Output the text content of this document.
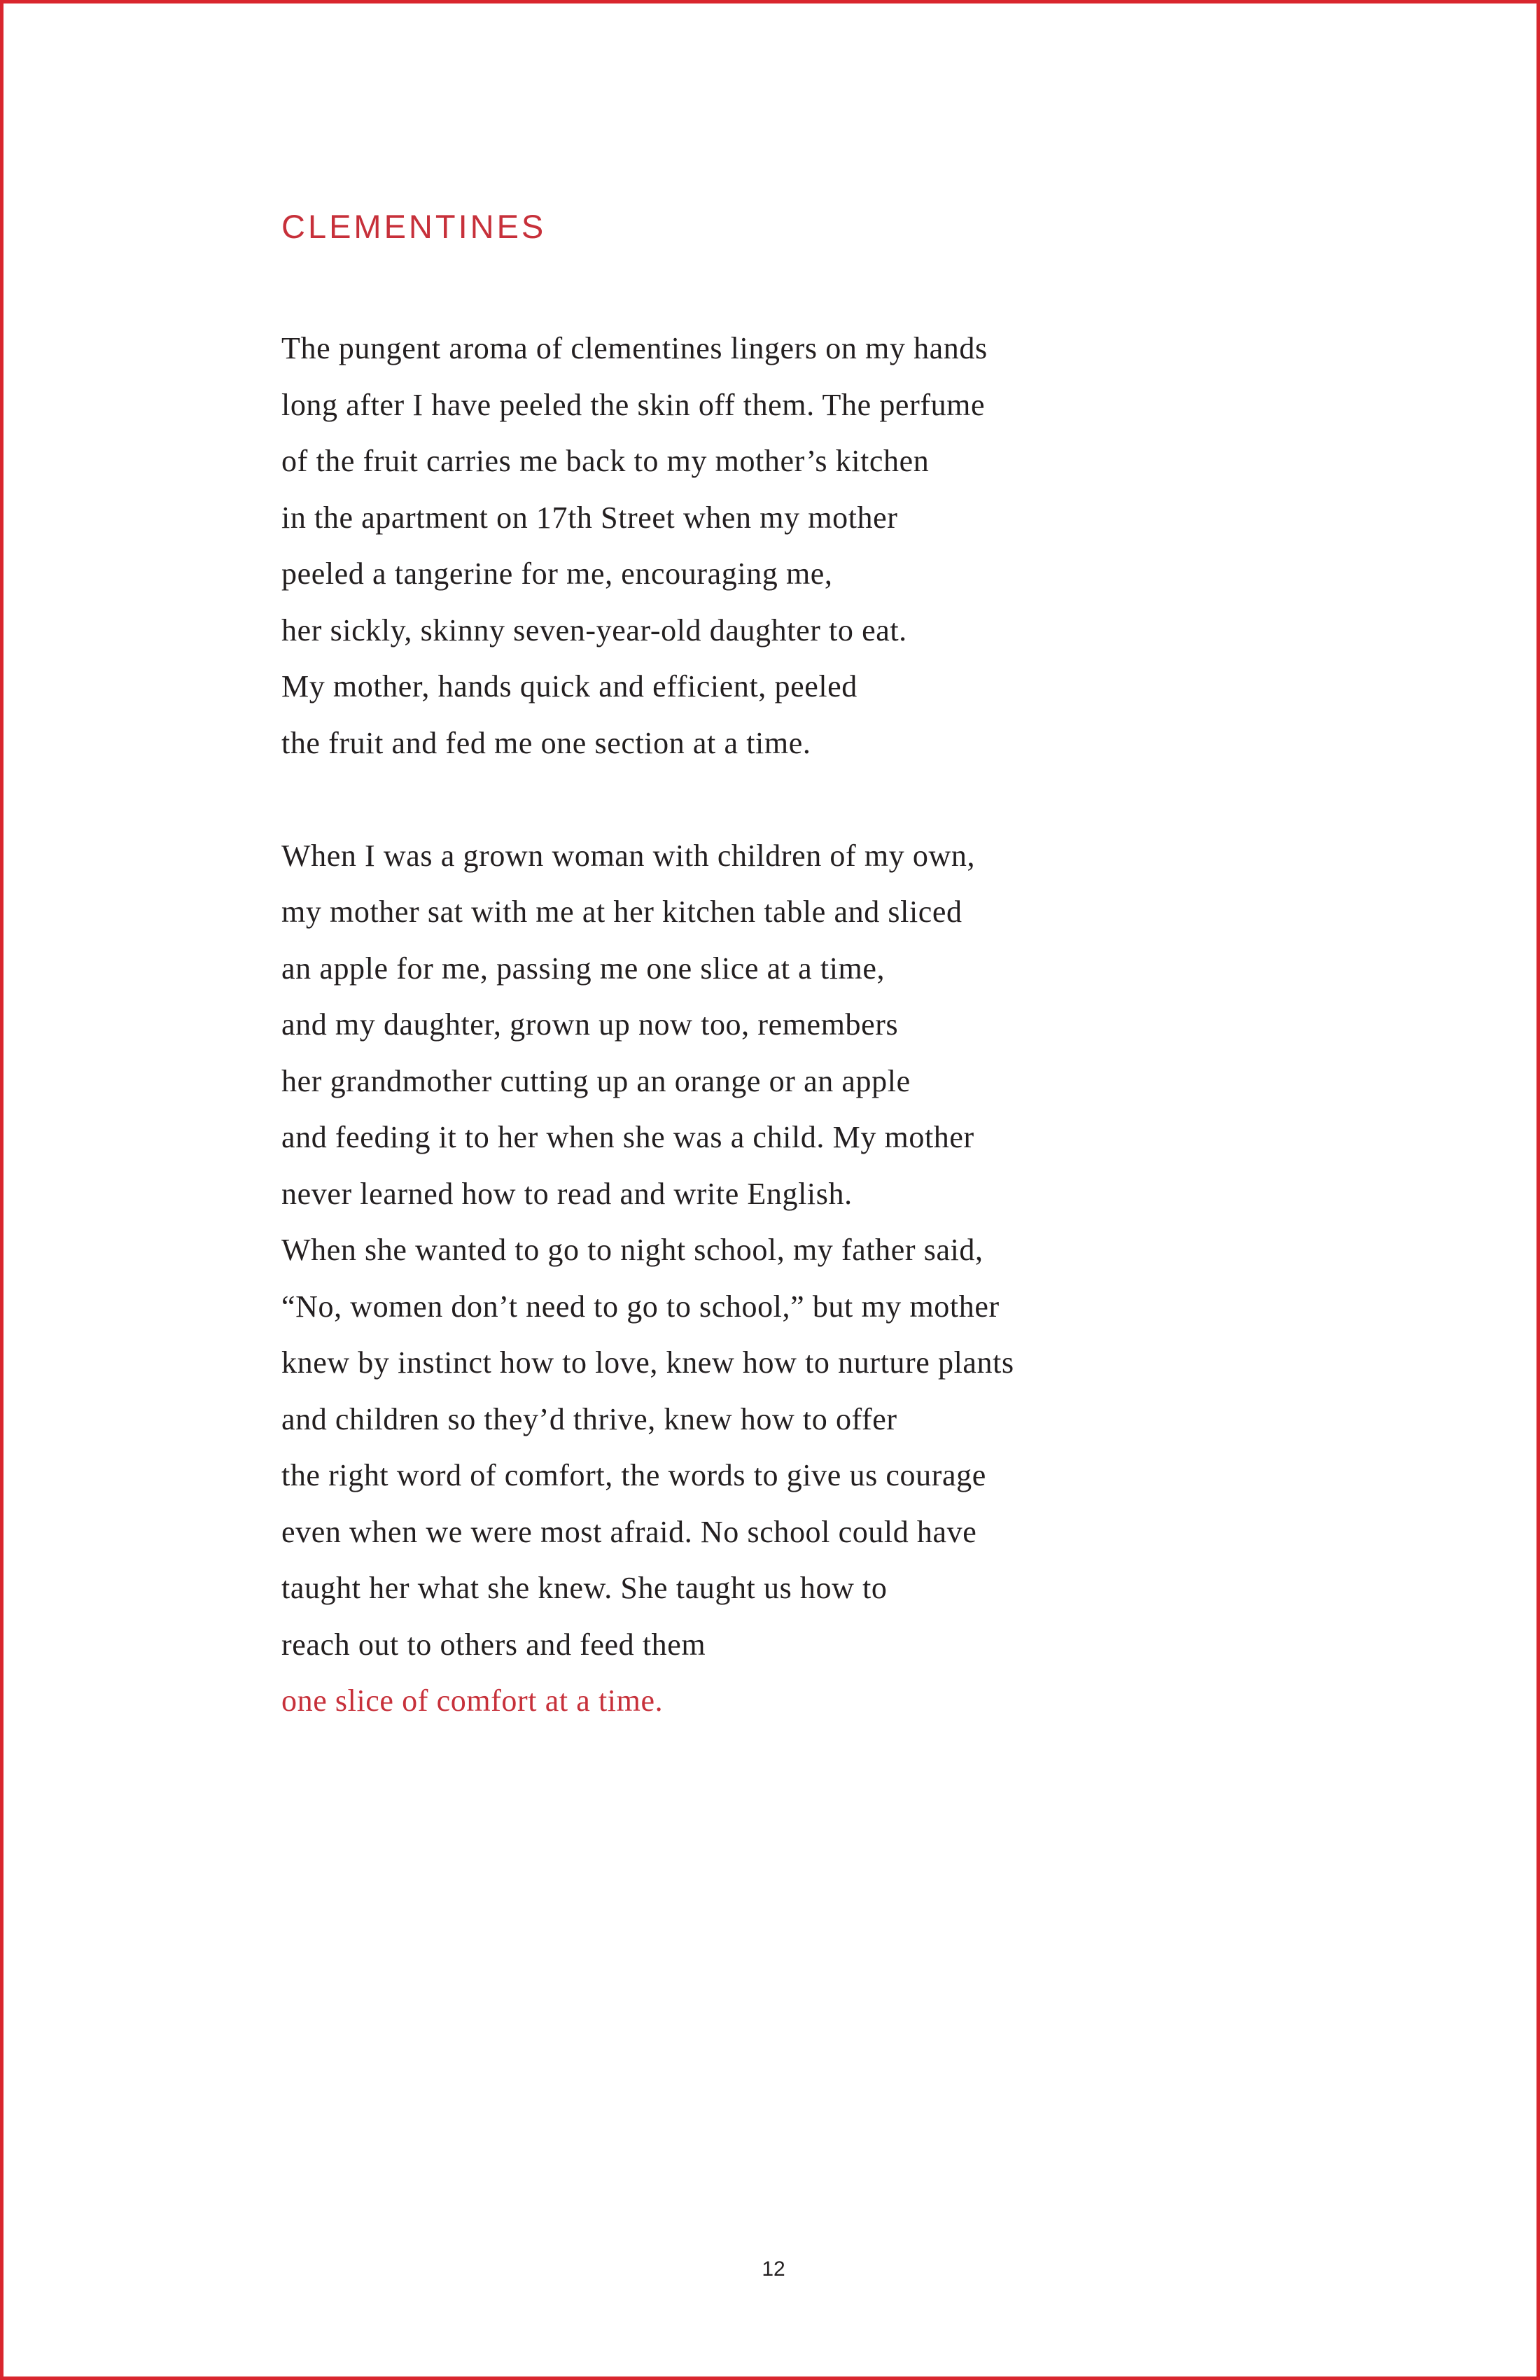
CLEMENTINES
The pungent aroma of clementines lingers on my hands
long after I have peeled the skin off them. The perfume
of the fruit carries me back to my mother’s kitchen
in the apartment on 17th Street when my mother
peeled a tangerine for me, encouraging me,
her sickly, skinny seven-year-old daughter to eat.
My mother, hands quick and efficient, peeled
the fruit and fed me one section at a time.
When I was a grown woman with children of my own,
my mother sat with me at her kitchen table and sliced
an apple for me, passing me one slice at a time,
and my daughter, grown up now too, remembers
her grandmother cutting up an orange or an apple
and feeding it to her when she was a child. My mother
never learned how to read and write English.
When she wanted to go to night school, my father said,
“No, women don’t need to go to school,” but my mother
knew by instinct how to love, knew how to nurture plants
and children so they’d thrive, knew how to offer
the right word of comfort, the words to give us courage
even when we were most afraid. No school could have
taught her what she knew. She taught us how to
reach out to others and feed them
one slice of comfort at a time.
12
